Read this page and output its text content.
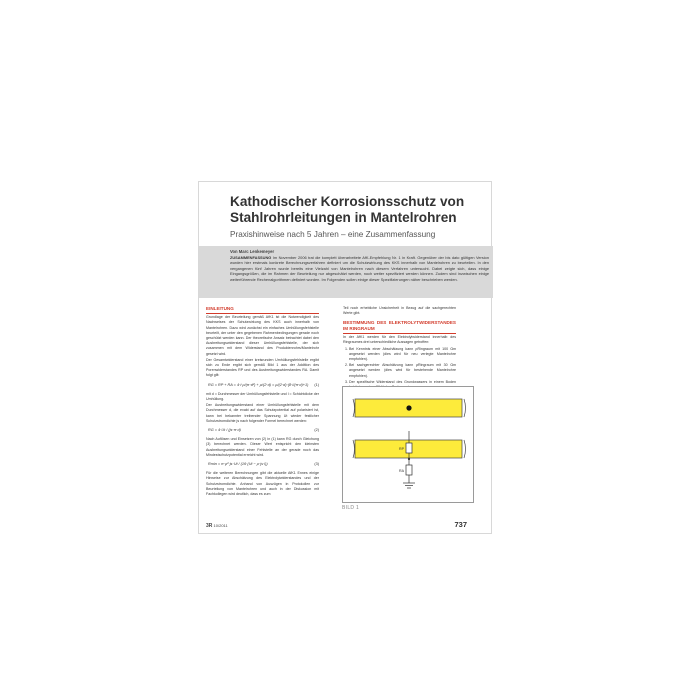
Kathodischer Korrosionsschutz von Stahlrohrleitungen in Mantelrohren
Praxishinweise nach 5 Jahren – eine Zusammenfassung
Von Marc Lenkemeyer
ZUSAMMENFASSUNG Im November 2006 trat die komplett überarbeitete AfK-Empfehlung Nr. 1 in Kraft. Gegenüber der bis dato gültigen Version wurden hier erstmals konkrete Berechnungsverfahren definiert um die Schutzwirkung des KKS innerhalb von Mantelrohren zu beurteilen. In den vergangenen fünf Jahren wurde bereits eine Vielzahl von Mantelrohren nach diesem Verfahren untersucht. Dabei zeigte sich, dass einige Eingangsgrößen, die im Rahmen der Beurteilung nur abgeschätzt werden, noch weiter spezifiziert werden können. Zudem sind inzwischen einige weiterführende Rechenalgorithmen definiert worden. Im Folgenden sollen einige dieser Spezifizierungen näher beschrieben werden.
EINLEITUNG

Grundlage der Beurteilung gemäß AfK1 ist die Notwendigkeit des Nachweises der Schutzwirkung des KKS auch innerhalb von Mantelrohren. Dazu wird zunächst ein einfaches Umhüllungsfehlstelle beurteilt, der unter den gegebenen Rahmenbedingungen gerade noch geschützt werden kann. Der theoretische Ansatz betrachtet dabei den Ausbreitungswiderstand dieser Umhüllungsfehlstelle, der sich zusammen mit dem Widerstand des Produktenrohrs/Mantelrohr gesetzt wird.

Der Gesamtwiderstand einer kreisrunden Umhüllungsfehlstelle ergibt sich zu Ende ergibt sich gemäß Bild 1 aus der Addition des Porenwiderstandes RP und des Ausbreitungswiderstandes RA. Damit folgt gilt:

RG = RP + RA = 4·l·ρ/(π·d²) + ρ/(2·d) = ρ/(2·d)·(8·l/(π·d)+1) (1)

mit d = Durchmesser der Umhüllungsfehlstelle und l = Schichtdicke der Umhüllung.

Der Ausbreitungswiderstand einer Umhüllungsfehlstelle mit dem Durchmesser d, die exakt auf das Schutzpotential auf polarisiert ist, kann bei bekannter treibender Spannung Ut wieder festlicher Schutzstromdichte js nach folgender Formel berechnet werden:

RG = 4·Ut / (js·π·d)	(2)

Nach Auflösen und Einsetzen von (2) in (1) kann RG durch Gleichung (3) berechnet werden. Dieser Wert entspricht den kleinsten Ausbreitungswiderstand einer Fehlstelle an der gerade noch das Mindestschutzpotential erreicht wird.

Rmin = π·ρ²·js·Ut / (16·(Ut − ρ·js·l))	(3)

Für die weiteren Berechnungen gibt die aktuelle AfK1 Ennes einige Hinweise zur Abschätzung des Elektrolytwiderstandes und der Schutzstromdichte. Anhand von Auszügen in Protokollen zur Beurteilung von Mantelrohren und auch in der Diskussion mit Fachkollegen wird deutlich, dass es zum

Teil noch erhebliche Unsicherheit in Bezug auf die sachgerechten Werte gibt.

BESTIMMUNG DES ELEKTROLYTWIDERSTANDES IM RINGRAUM

In der AfK1 werden für den Elektrolytwiderstand innerhalb des Ringraumes drei unterschiedliche Aussagen getroffen:

1. Bei Kenntnis einer Abschätzung kann ρRingraum mit 100 Ωm angesetzt werden (dies wird für neu verlegte Mantelrohre empfohlen).
2. Bei sachgerechter Abschätzung kann ρRingraum mit 30 Ωm angesetzt werden (dies wird für bestehende Mantelrohre empfohlen).
3. Der spezifische Widerstand des Grundwassers in einem Boden

RP
RA
BILD 1
3R 10/2011	737
